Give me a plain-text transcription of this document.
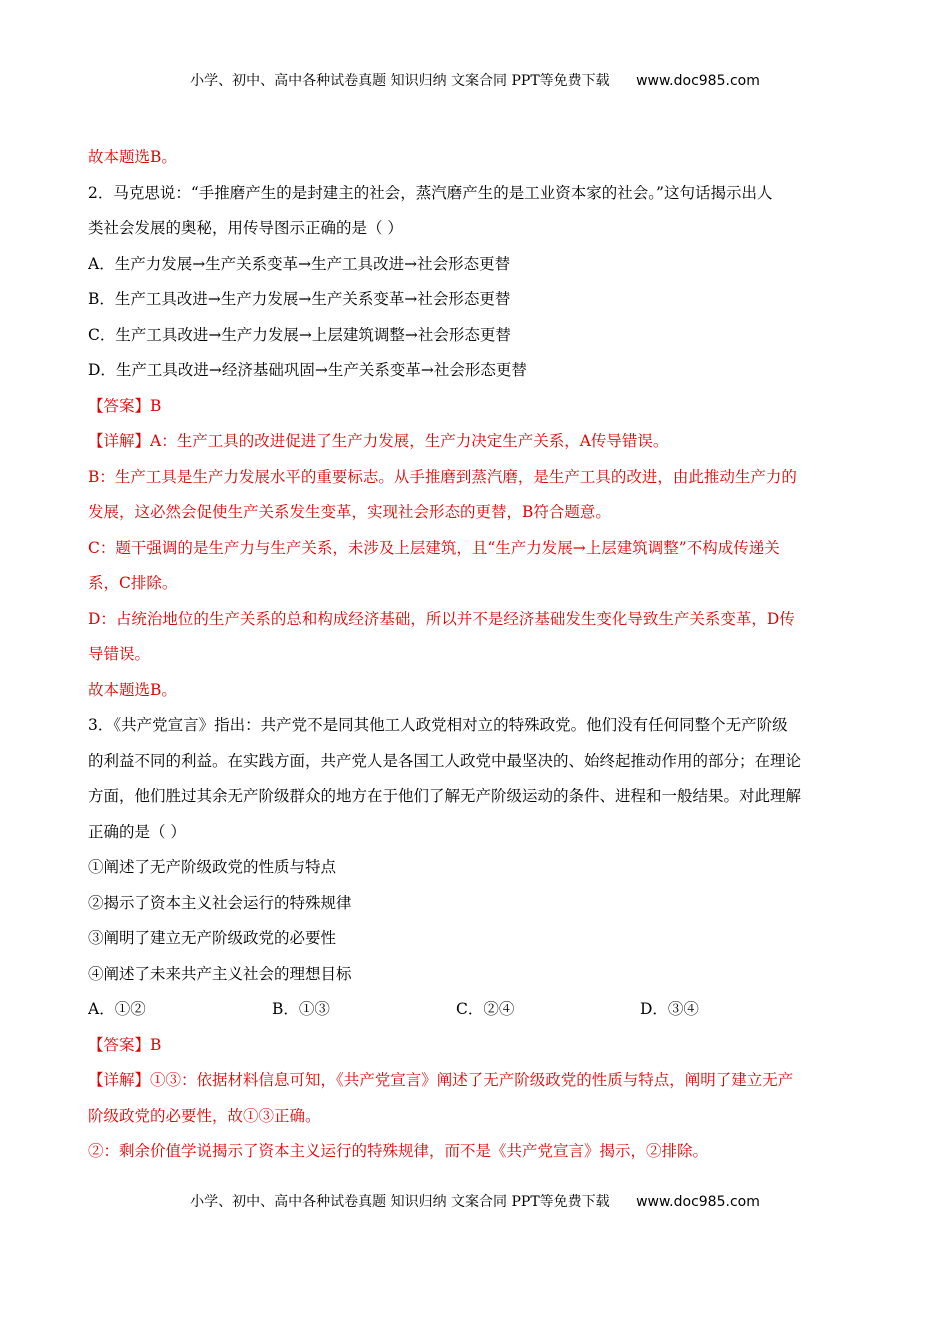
小学、初中、高中各种试卷真题 知识归纳 文案合同 PPT等免费下载 www.doc985.com
故本题选B。
2．马克思说：“手推磨产生的是封建主的社会，蒸汽磨产生的是工业资本家的社会。”这句话揭示出人
类社会发展的奥秘，用传导图示正确的是（ ）
A．生产力发展→生产关系变革→生产工具改进→社会形态更替
B．生产工具改进→生产力发展→生产关系变革→社会形态更替
C．生产工具改进→生产力发展→上层建筑调整→社会形态更替
D．生产工具改进→经济基础巩固→生产关系变革→社会形态更替
【答案】B
【详解】A：生产工具的改进促进了生产力发展，生产力决定生产关系，A传导错误。
B：生产工具是生产力发展水平的重要标志。从手推磨到蒸汽磨，是生产工具的改进，由此推动生产力的
发展，这必然会促使生产关系发生变革，实现社会形态的更替，B符合题意。
C：题干强调的是生产力与生产关系，未涉及上层建筑，且“生产力发展→上层建筑调整”不构成传递关
系，C排除。
D：占统治地位的生产关系的总和构成经济基础，所以并不是经济基础发生变化导致生产关系变革，D传
导错误。
故本题选B。
3．《共产党宣言》指出：共产党不是同其他工人政党相对立的特殊政党。他们没有任何同整个无产阶级
的利益不同的利益。在实践方面，共产党人是各国工人政党中最坚决的、始终起推动作用的部分；在理论
方面，他们胜过其余无产阶级群众的地方在于他们了解无产阶级运动的条件、进程和一般结果。对此理解
正确的是（ ）
①阐述了无产阶级政党的性质与特点
②揭示了资本主义社会运行的特殊规律
③阐明了建立无产阶级政党的必要性
④阐述了未来共产主义社会的理想目标
A．①②	B．①③	C．②④	D．③④
【答案】B
【详解】①③：依据材料信息可知，《共产党宣言》阐述了无产阶级政党的性质与特点，阐明了建立无产
阶级政党的必要性，故①③正确。
②：剩余价值学说揭示了资本主义运行的特殊规律，而不是《共产党宣言》揭示，②排除。
小学、初中、高中各种试卷真题 知识归纳 文案合同 PPT等免费下载 www.doc985.com
